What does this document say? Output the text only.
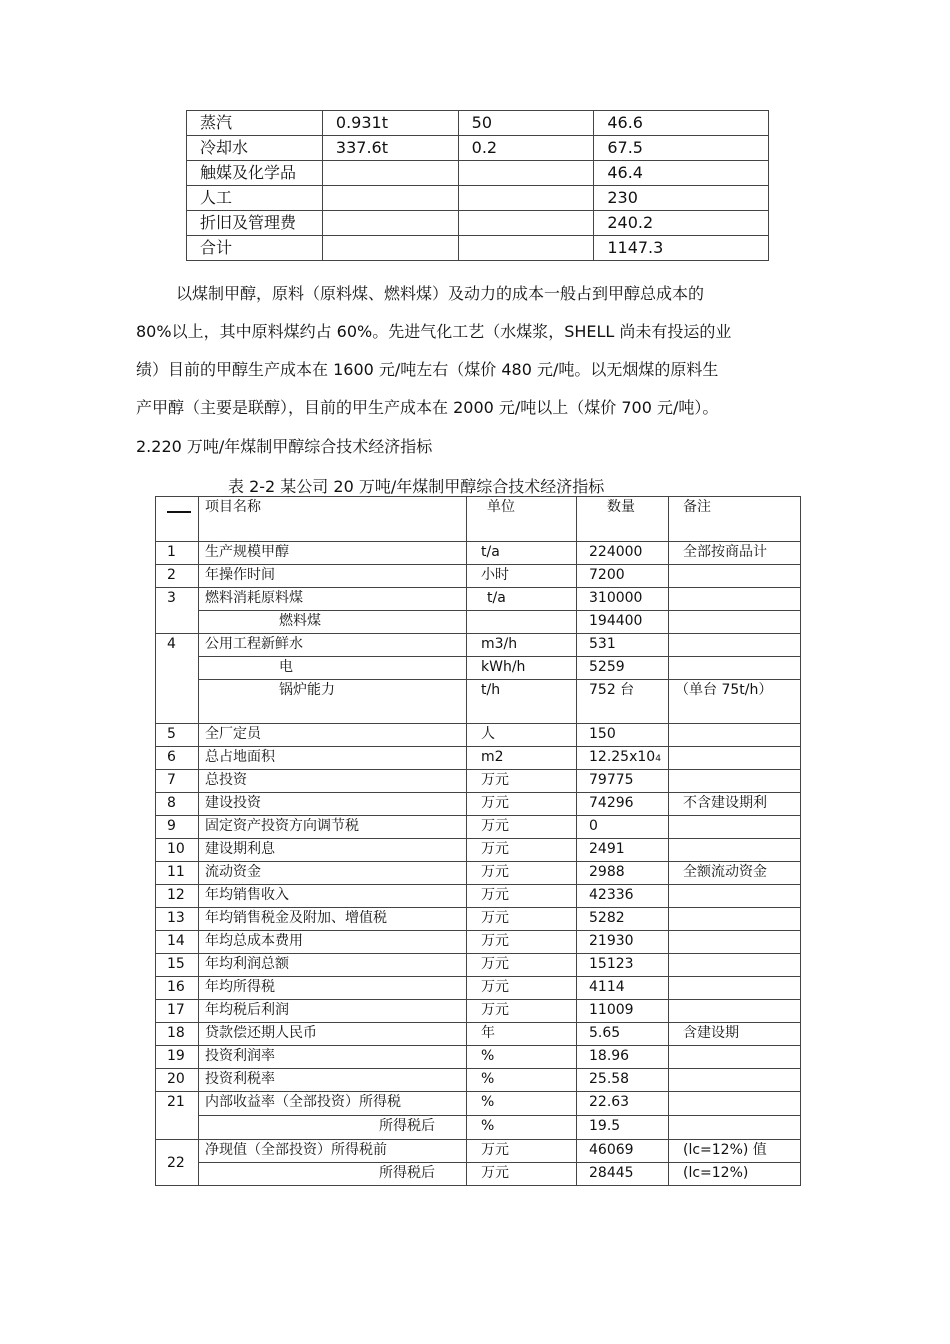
蒸汽	0.931t	50	46.6
冷却水	337.6t	0.2	67.5
触媒及化学品			46.4
人工			230
折旧及管理费			240.2
合计			1147.3
以煤制甲醇，原料（原料煤、燃料煤）及动力的成本一般占到甲醇总成本的
80%以上，其中原料煤约占 60%。先进气化工艺（水煤浆，SHELL 尚未有投运的业
绩）目前的甲醇生产成本在 1600 元/吨左右（煤价 480 元/吨。以无烟煤的原料生
产甲醇（主要是联醇），目前的甲生产成本在 2000 元/吨以上（煤价 700 元/吨）。
2.220 万吨/年煤制甲醇综合技术经济指标
表 2-2 某公司 20 万吨/年煤制甲醇综合技术经济指标
	项目名称	单位	数量	备注
1	生产规模甲醇	t/a	224000	全部按商品计
2	年操作时间	小时	7200	
3	燃料消耗原料煤	t/a	310000	
	燃料煤		194400	
4	公用工程新鲜水	m3/h	531	
	电	kWh/h	5259	
	锅炉能力	t/h	752 台	（单台 75t/h）
5	全厂定员	人	150	
6	总占地面积	m2	12.25x104	
7	总投资	万元	79775	
8	建设投资	万元	74296	不含建设期利
9	固定资产投资方向调节税	万元	0	
10	建设期利息	万元	2491	
11	流动资金	万元	2988	全额流动资金
12	年均销售收入	万元	42336	
13	年均销售税金及附加、增值税	万元	5282	
14	年均总成本费用	万元	21930	
15	年均利润总额	万元	15123	
16	年均所得税	万元	4114	
17	年均税后利润	万元	11009	
18	贷款偿还期人民币	年	5.65	含建设期
19	投资利润率	%	18.96	
20	投资利税率	%	25.58	
21	内部收益率（全部投资）所得税	%	22.63	
	所得税后	%	19.5	
22	净现值（全部投资）所得税前	万元	46069	(lc=12%) 值
	所得税后	万元	28445	(lc=12%)
